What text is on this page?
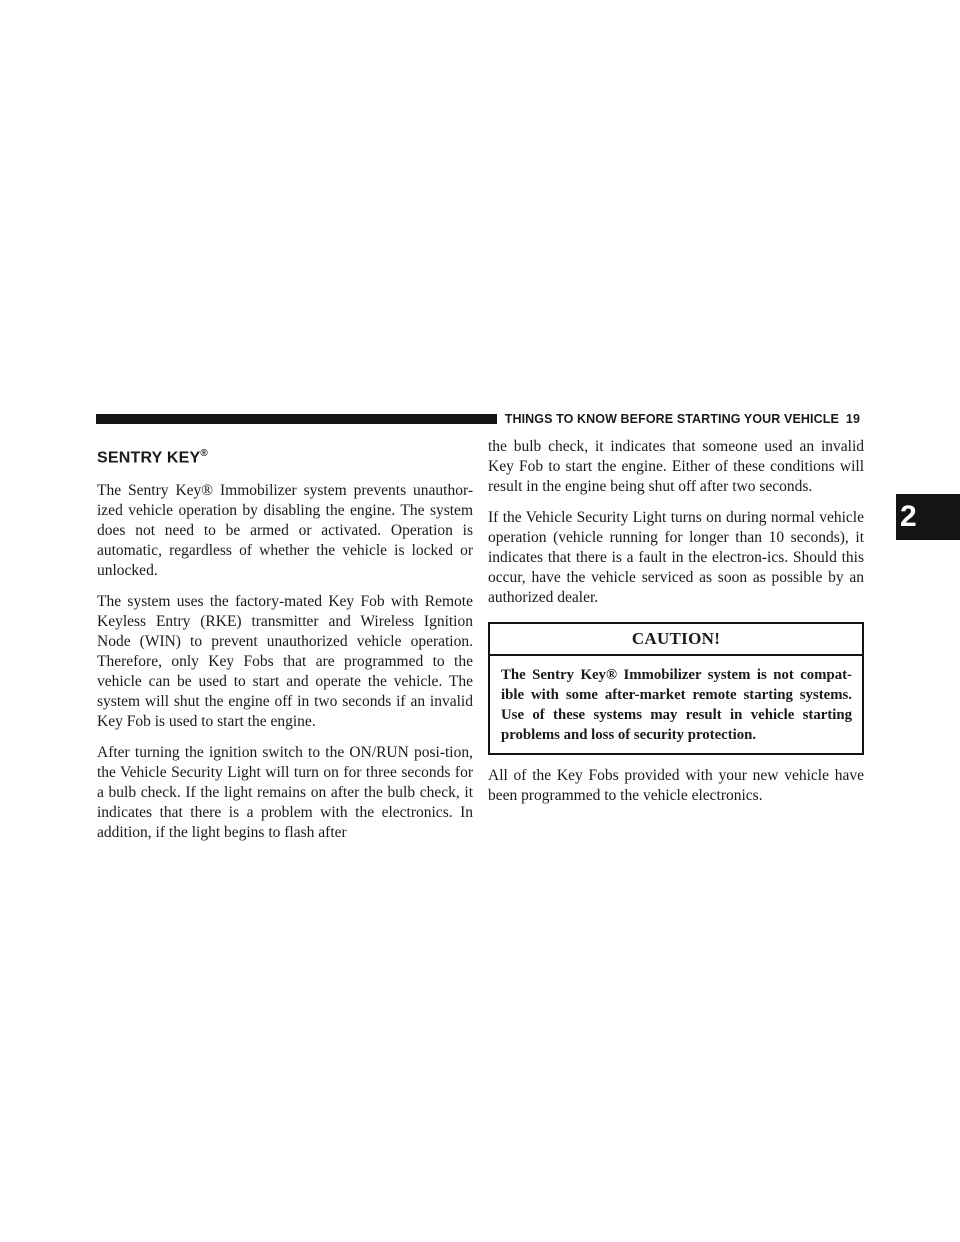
THINGS TO KNOW BEFORE STARTING YOUR VEHICLE 19
2
SENTRY KEY®

The Sentry Key® Immobilizer system prevents unauthor-ized vehicle operation by disabling the engine. The system does not need to be armed or activated. Operation is automatic, regardless of whether the vehicle is locked or unlocked.

The system uses the factory-mated Key Fob with Remote Keyless Entry (RKE) transmitter and Wireless Ignition Node (WIN) to prevent unauthorized vehicle operation. Therefore, only Key Fobs that are programmed to the vehicle can be used to start and operate the vehicle. The system will shut the engine off in two seconds if an invalid Key Fob is used to start the engine.

After turning the ignition switch to the ON/RUN posi-tion, the Vehicle Security Light will turn on for three seconds for a bulb check. If the light remains on after the bulb check, it indicates that there is a problem with the electronics. In addition, if the light begins to flash after

the bulb check, it indicates that someone used an invalid Key Fob to start the engine. Either of these conditions will result in the engine being shut off after two seconds.

If the Vehicle Security Light turns on during normal vehicle operation (vehicle running for longer than 10 seconds), it indicates that there is a fault in the electron-ics. Should this occur, have the vehicle serviced as soon as possible by an authorized dealer.

CAUTION!
The Sentry Key® Immobilizer system is not compat-ible with some after-market remote starting systems. Use of these systems may result in vehicle starting problems and loss of security protection.

All of the Key Fobs provided with your new vehicle have been programmed to the vehicle electronics.
